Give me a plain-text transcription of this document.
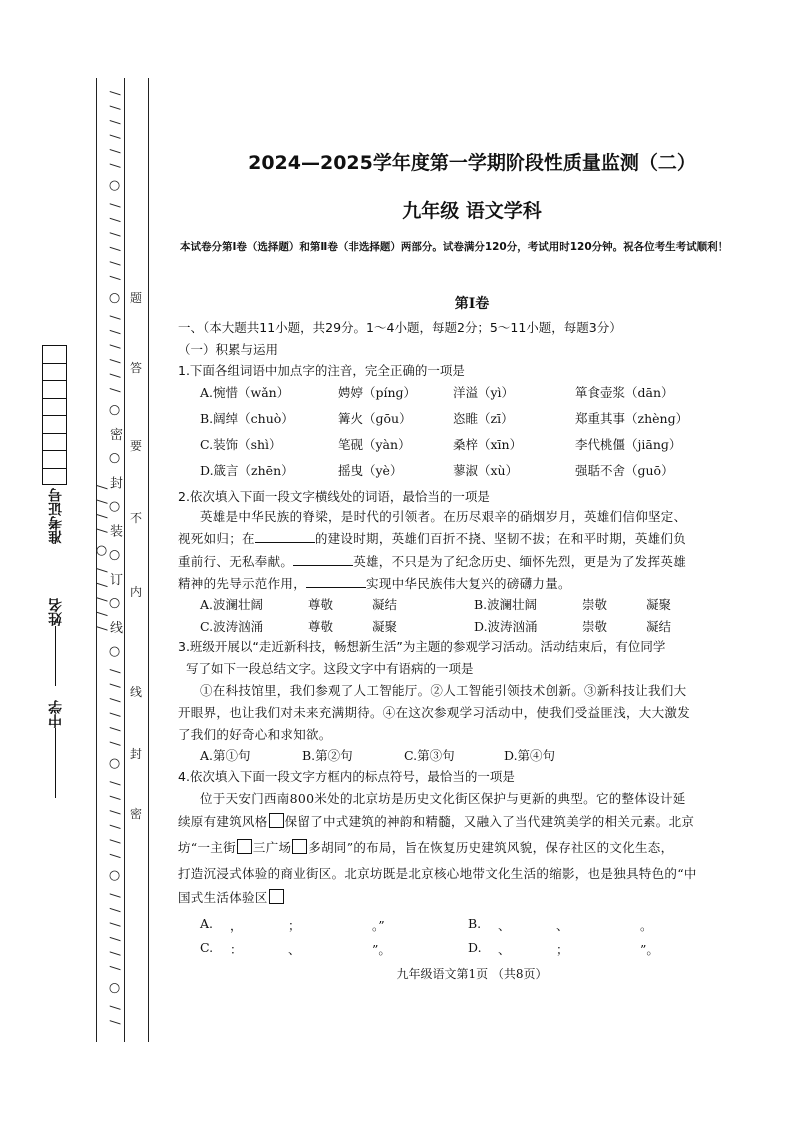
/ / / / / / ○ / / / / / / ○ / / / / / / ○ 密 ○ 封 ○ 装 ○ 订 ○ 线 ○ / / / / / / ○ / / / / / / ○ / / / / / / ○ / / / / / / ○ / / / / /
题
答
要
不
内
线
封
密
中学
姓名
准考证号
2024—2025学年度第一学期阶段性质量监测（二）
九年级 语文学科
本试卷分第Ⅰ卷（选择题）和第Ⅱ卷（非选择题）两部分。试卷满分120分，考试用时120分钟。祝各位考生考试顺利！
第Ⅰ卷
一、（本大题共11小题，共29分。1～4小题，每题2分；5～11小题，每题3分）
（一）积累与运用
1.下面各组词语中加点字的注音，完全正确的一项是
A.惋惜（wǎn）	娉婷（pínɡ）	洋溢（yì）	箪食壶浆（dān）
B.阔绰（chuò）	篝火（ɡōu）	恣睢（zī）	郑重其事（zhènɡ）
C.装饰（shì）	笔砚（yàn）	桑梓（xīn）	李代桃僵（jiānɡ）
D.箴言（zhēn）	摇曳（yè）	蓼淑（xù）	强聒不舍（ɡuō）
2.依次填入下面一段文字横线处的词语，最恰当的一项是
英雄是中华民族的脊梁，是时代的引领者。在历尽艰辛的硝烟岁月，英雄们信仰坚定、
视死如归；在	的建设时期，英雄们百折不挠、坚韧不拔；在和平时期，英雄们负
重前行、无私奉献。	英雄，不只是为了纪念历史、缅怀先烈，更是为了发挥英雄
精神的先导示范作用，	实现中华民族伟大复兴的磅礴力量。
A.波澜壮阔	尊敬	凝结	B.波澜壮阔	崇敬	凝聚
C.波涛汹涌	尊敬	凝聚	D.波涛汹涌	崇敬	凝结
3.班级开展以“走近新科技，畅想新生活”为主题的参观学习活动。活动结束后，有位同学
写了如下一段总结文字。这段文字中有语病的一项是
①在科技馆里，我们参观了人工智能厅。②人工智能引领技术创新。③新科技让我们大
开眼界，也让我们对未来充满期待。④在这次参观学习活动中，使我们受益匪浅，大大激发
了我们的好奇心和求知欲。
A.第①句	B.第②句	C.第③句	D.第④句
4.依次填入下面一段文字方框内的标点符号，最恰当的一项是
位于天安门西南800米处的北京坊是历史文化街区保护与更新的典型。它的整体设计延
续原有建筑风格 保留了中式建筑的神韵和精髓，又融入了当代建筑美学的相关元素。北京
坊“一主街 三广场 多胡同”的布局，旨在恢复历史建筑风貌，保存社区的文化生态，
打造沉浸式体验的商业街区。北京坊既是北京核心地带文化生活的缩影，也是独具特色的“中
国式生活体验区
A. ，	；	。”	B. 、	、	。
C. ：	、	”。	D. 、	；	”。
九年级语文第1页 （共8页）
